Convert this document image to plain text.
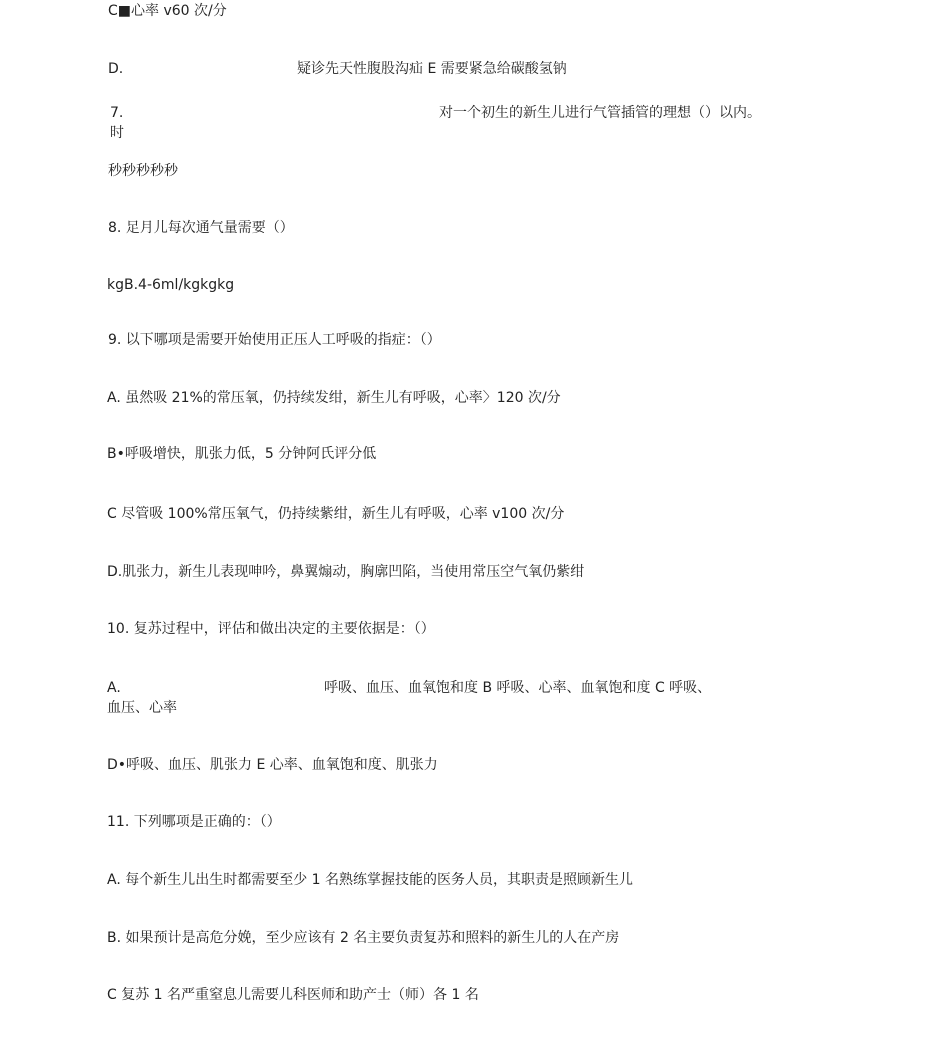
C■心率 v60 次/分
D.	疑诊先天性腹股沟疝 E 需要紧急给碳酸氢钠
7.	对一个初生的新生儿进行气管插管的理想（）以内。
时
秒秒秒秒秒
8. 足月儿每次通气量需要（）
kgB.4-6ml/kgkgkg
9. 以下哪项是需要开始使用正压人工呼吸的指症：（）
A. 虽然吸 21%的常压氧，仍持续发绀，新生儿有呼吸，心率〉120 次/分
B•呼吸增快，肌张力低，5 分钟阿氏评分低
C 尽管吸 100%常压氧气，仍持续紫绀，新生儿有呼吸，心率 v100 次/分
D.肌张力，新生儿表现呻吟，鼻翼煽动，胸廓凹陷，当使用常压空气氧仍紫绀
10. 复苏过程中，评估和做出决定的主要依据是：（）
A.	呼吸、血压、血氧饱和度 B 呼吸、心率、血氧饱和度 C 呼吸、
血压、心率
D•呼吸、血压、肌张力 E 心率、血氧饱和度、肌张力
11. 下列哪项是正确的：（）
A. 每个新生儿出生时都需要至少 1 名熟练掌握技能的医务人员，其职责是照顾新生儿
B. 如果预计是高危分娩，至少应该有 2 名主要负责复苏和照料的新生儿的人在产房
C 复苏 1 名严重窒息儿需要儿科医师和助产士（师）各 1 名
